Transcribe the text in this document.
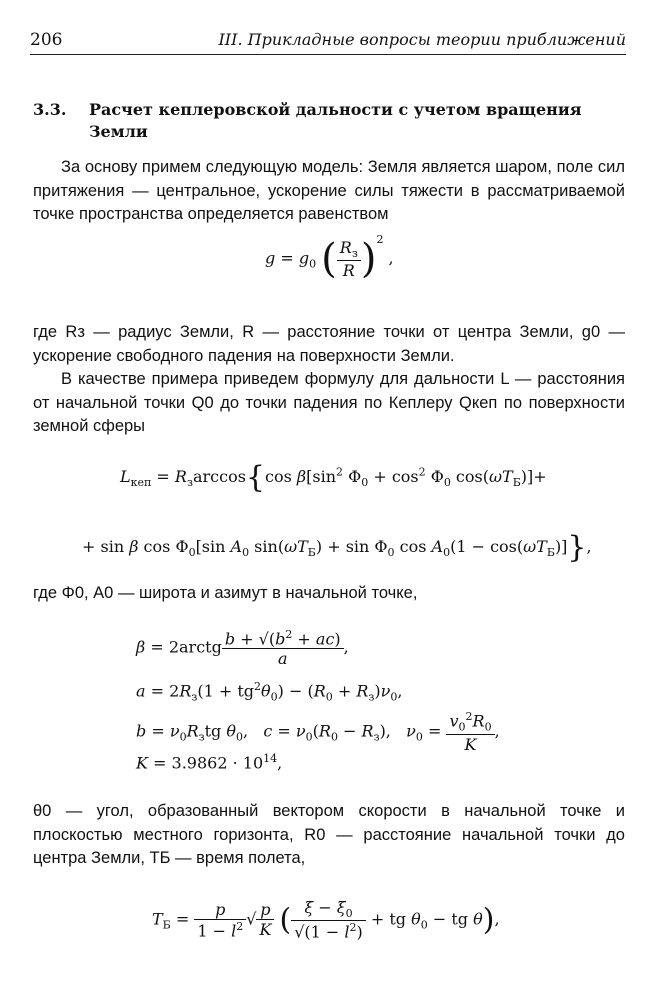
206	III. Прикладные вопросы теории приближений
3.3. Расчет кеплеровской дальности с учетом вращения Земли
За основу примем следующую модель: Земля является шаром, поле сил притяжения — центральное, ускорение силы тяжести в рассматриваемой точке пространства определяется равенством
$g = g_0$ ( $\frac{R_з}{R} )^2$ ,
где Rз — радиус Земли, R — расстояние точки от центра Земли, g0 — ускорение свободного падения на поверхности Земли.
В качестве примера приведем формулу для дальности L — расстояния от начальной точки Q0 до точки падения по Кеплеру Qкеп по поверхности земной сферы
$L_{кеп} = R_з\arccos\{\cos$ $\beta[\sin^2$ $\Phi_0 + \cos^2 \Phi_0$ $\cos(\omega T_Б)]+$
+ sin β $\cos \Phi_0[\sin$ $A_0$ $\sin(\omega T_Б) + \sin \Phi_0$ $\cos A_0(1 - \cos(\omega T_Б)]$},
где Φ0, A0 — широта и азимут в начальной точке,
β = 2arctg $\frac{b + √(b^2 + ac)}{a}$ ,
$a = 2R_з(1 + tg^2\theta_0) - (R_0 + R_з)\nu_0$,
$b = \nu_0R_зtg$ $\theta_0$,   $c = \nu_0(R_0 - R_з)$,   $\nu_0 = \frac{v_0^2R_0}{K}$ ,
$K = 3.9862 \cdot 10^{14}$,
θ0 — угол, образованный вектором скорости в начальной точке и плоскостью местного горизонта, R0 — расстояние начальной точки до центра Земли, TБ — время полета,
$T_Б = \frac{p}{1 - l^2}$ √ $\frac{p}{K}$ ( $\frac{\xi - \xi_0}{√(1 - l^2)}$ + tg $\theta_0$ − tg θ),
